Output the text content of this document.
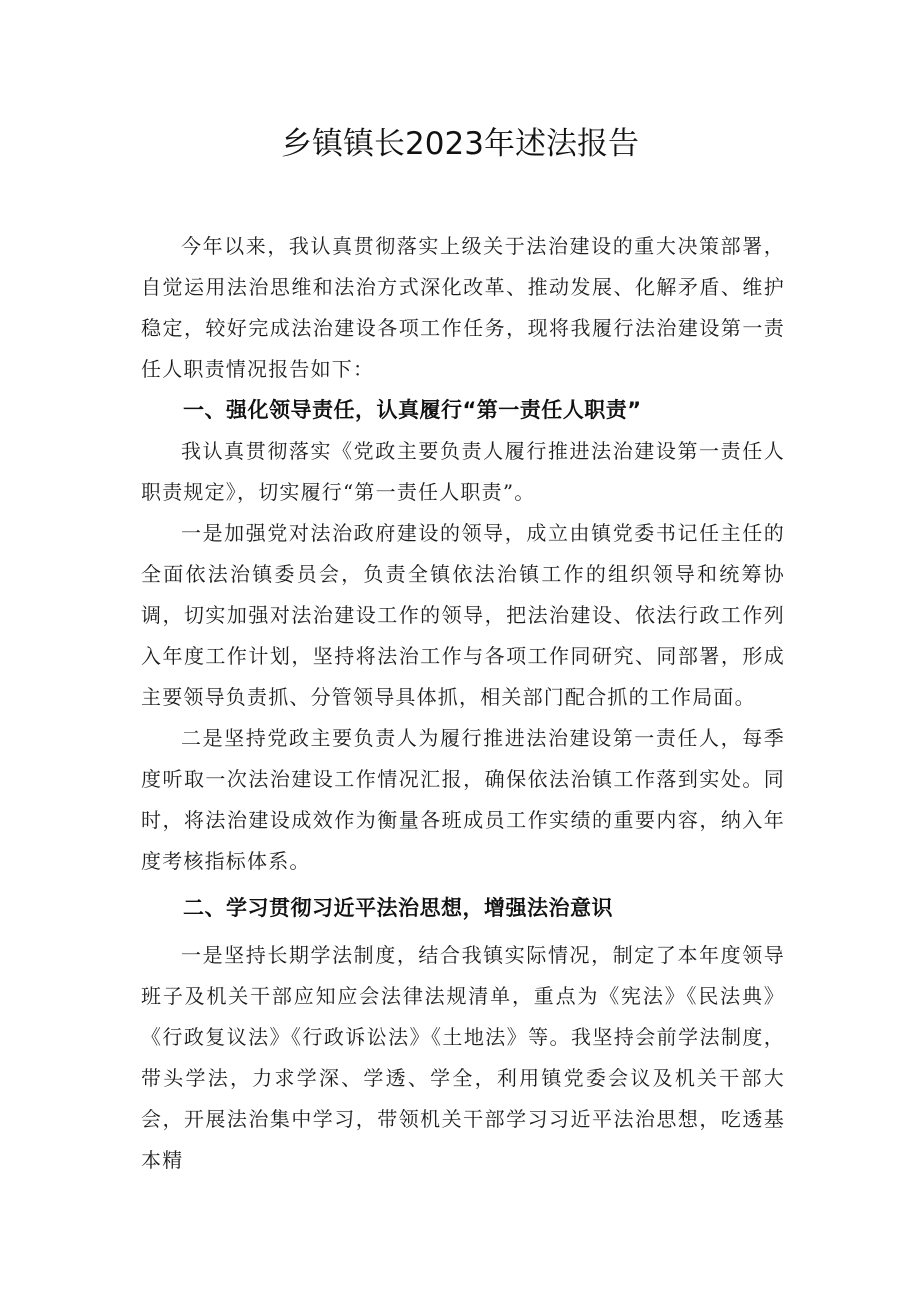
乡镇镇长2023年述法报告

今年以来，我认真贯彻落实上级关于法治建设的重大决策部署，自觉运用法治思维和法治方式深化改革、推动发展、化解矛盾、维护稳定，较好完成法治建设各项工作任务，现将我履行法治建设第一责任人职责情况报告如下：

一、强化领导责任，认真履行“第一责任人职责”

我认真贯彻落实《党政主要负责人履行推进法治建设第一责任人职责规定》，切实履行“第一责任人职责”。

一是加强党对法治政府建设的领导，成立由镇党委书记任主任的全面依法治镇委员会，负责全镇依法治镇工作的组织领导和统筹协调，切实加强对法治建设工作的领导，把法治建设、依法行政工作列入年度工作计划，坚持将法治工作与各项工作同研究、同部署，形成主要领导负责抓、分管领导具体抓，相关部门配合抓的工作局面。

二是坚持党政主要负责人为履行推进法治建设第一责任人，每季度听取一次法治建设工作情况汇报，确保依法治镇工作落到实处。同时，将法治建设成效作为衡量各班成员工作实绩的重要内容，纳入年度考核指标体系。

二、学习贯彻习近平法治思想，增强法治意识

一是坚持长期学法制度，结合我镇实际情况，制定了本年度领导班子及机关干部应知应会法律法规清单，重点为《宪法》《民法典》《行政复议法》《行政诉讼法》《土地法》等。我坚持会前学法制度，带头学法，力求学深、学透、学全，利用镇党委会议及机关干部大会，开展法治集中学习，带领机关干部学习习近平法治思想，吃透基本精
